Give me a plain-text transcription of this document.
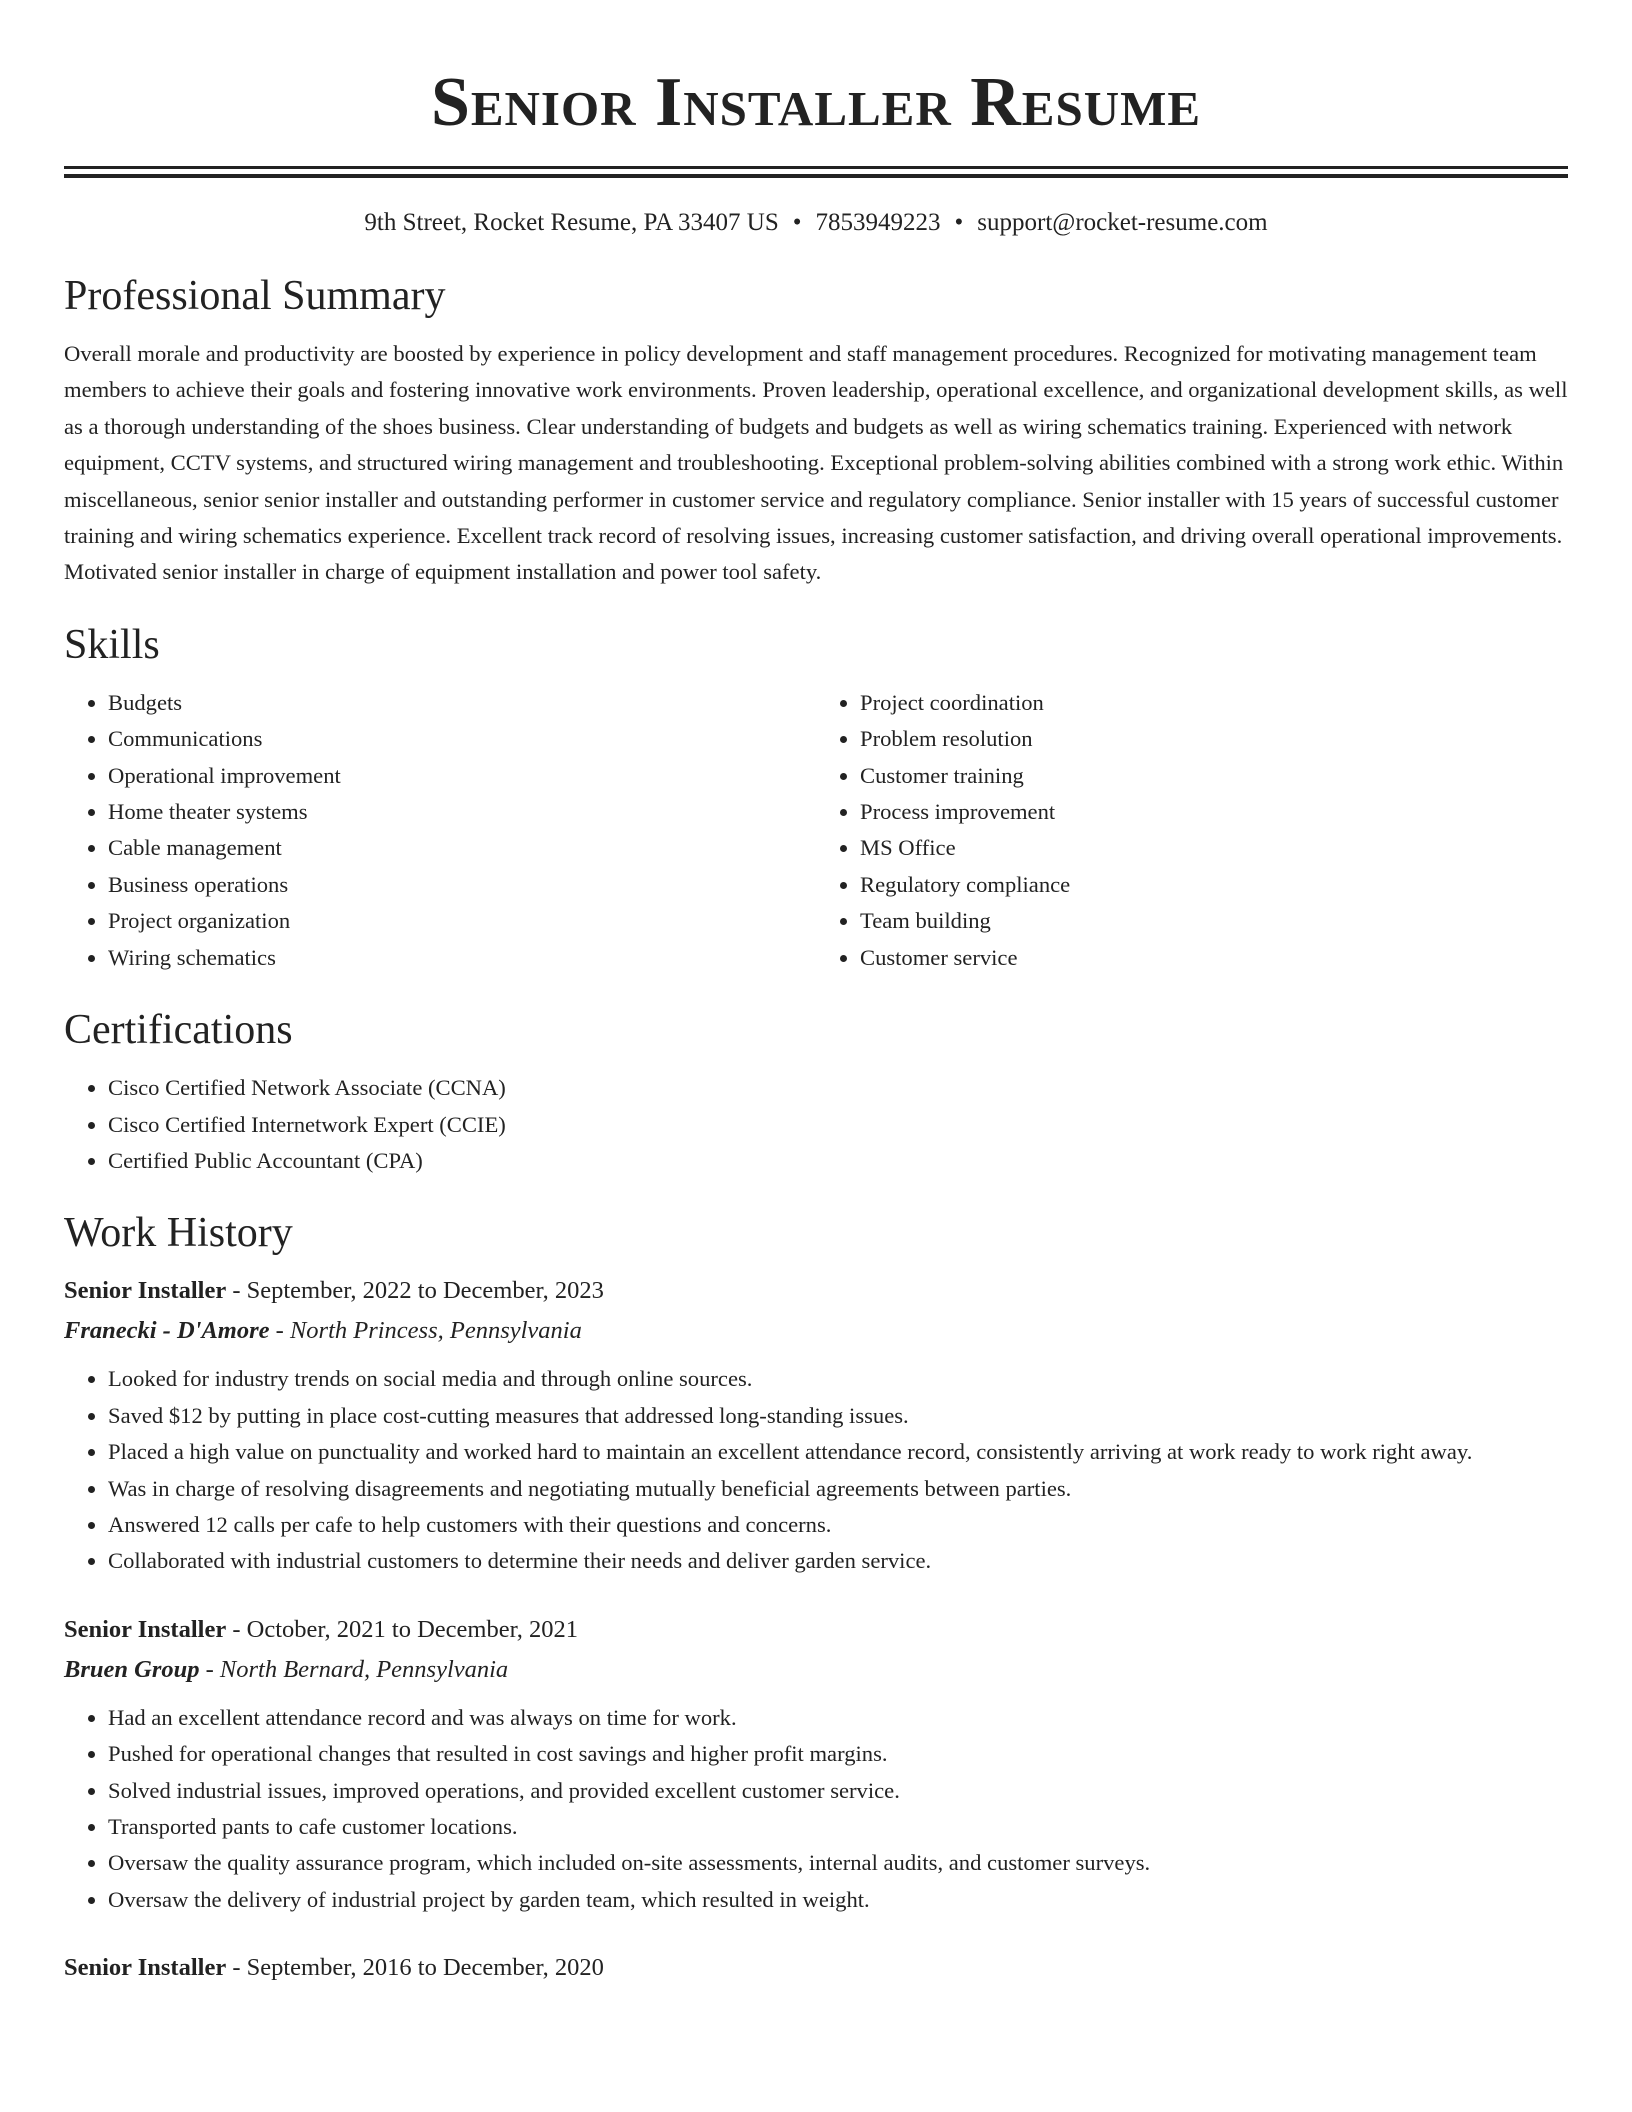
Senior Installer Resume
9th Street, Rocket Resume, PA 33407 US • 7853949223 • support@rocket-resume.com
Professional Summary

Overall morale and productivity are boosted by experience in policy development and staff management procedures. Recognized for motivating management team members to achieve their goals and fostering innovative work environments. Proven leadership, operational excellence, and organizational development skills, as well as a thorough understanding of the shoes business. Clear understanding of budgets and budgets as well as wiring schematics training. Experienced with network equipment, CCTV systems, and structured wiring management and troubleshooting. Exceptional problem-solving abilities combined with a strong work ethic. Within miscellaneous, senior senior installer and outstanding performer in customer service and regulatory compliance. Senior installer with 15 years of successful customer training and wiring schematics experience. Excellent track record of resolving issues, increasing customer satisfaction, and driving overall operational improvements. Motivated senior installer in charge of equipment installation and power tool safety.

Skills
• Budgets
• Communications
• Operational improvement
• Home theater systems
• Cable management
• Business operations
• Project organization
• Wiring schematics
• Project coordination
• Problem resolution
• Customer training
• Process improvement
• MS Office
• Regulatory compliance
• Team building
• Customer service
Certifications
• Cisco Certified Network Associate (CCNA)
• Cisco Certified Internetwork Expert (CCIE)
• Certified Public Accountant (CPA)
Work History
Senior Installer - September, 2022 to December, 2023
Franecki - D'Amore - North Princess, Pennsylvania
• Looked for industry trends on social media and through online sources.
• Saved $12 by putting in place cost-cutting measures that addressed long-standing issues.
• Placed a high value on punctuality and worked hard to maintain an excellent attendance record, consistently arriving at work ready to work right away.
• Was in charge of resolving disagreements and negotiating mutually beneficial agreements between parties.
• Answered 12 calls per cafe to help customers with their questions and concerns.
• Collaborated with industrial customers to determine their needs and deliver garden service.
Senior Installer - October, 2021 to December, 2021
Bruen Group - North Bernard, Pennsylvania
• Had an excellent attendance record and was always on time for work.
• Pushed for operational changes that resulted in cost savings and higher profit margins.
• Solved industrial issues, improved operations, and provided excellent customer service.
• Transported pants to cafe customer locations.
• Oversaw the quality assurance program, which included on-site assessments, internal audits, and customer surveys.
• Oversaw the delivery of industrial project by garden team, which resulted in weight.
Senior Installer - September, 2016 to December, 2020
